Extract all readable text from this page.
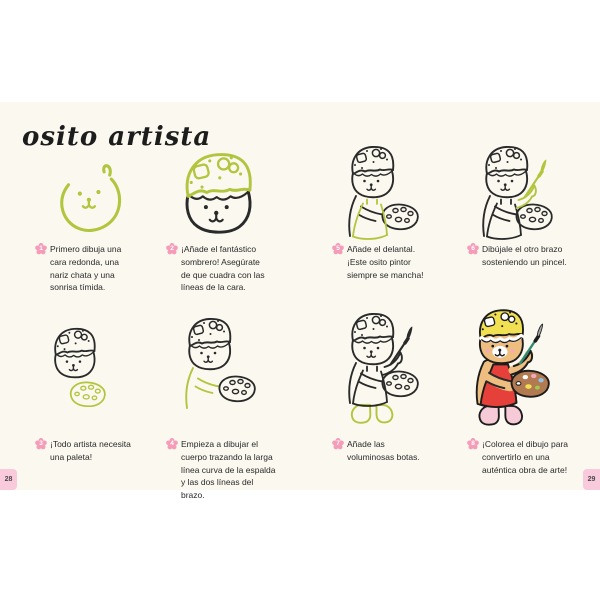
osito artista
1 Primero dibuja una cara redonda, una nariz chata y una sonrisa tímida.

2 ¡Añade el fantástico sombrero! Asegúrate de que cuadra con las líneas de la cara.

5 Añade el delantal. ¡Este osito pintor siempre se mancha!

6 Dibújale el otro brazo sosteniendo un pincel.

3 ¡Todo artista necesita una paleta!

4 Empieza a dibujar el cuerpo trazando la larga línea curva de la espalda y las dos líneas del brazo.

7 Añade las voluminosas botas.

8 ¡Colorea el dibujo para convertirlo en una auténtica obra de arte!

28	29
